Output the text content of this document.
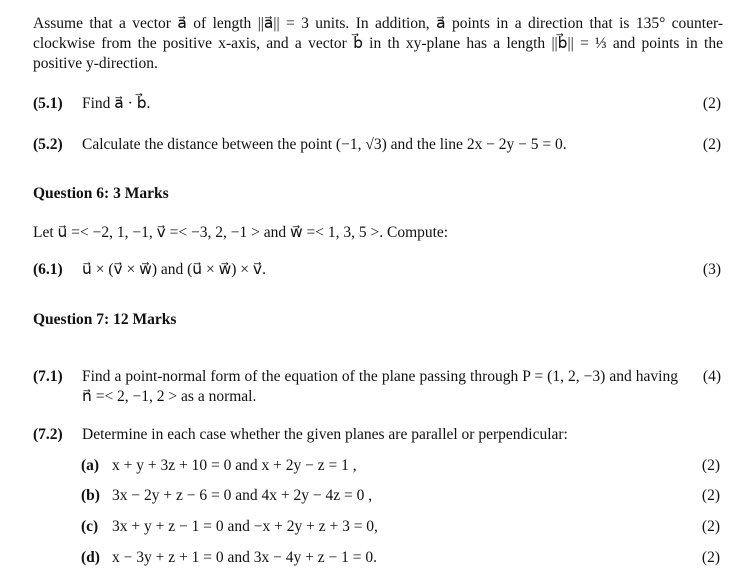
Assume that a vector a⃗ of length ||a⃗|| = 3 units. In addition, a⃗ points in a direction that is 135° counter-clockwise from the positive x-axis, and a vector b⃗ in th xy-plane has a length ||b⃗|| = ⅓ and points in the positive y-direction.
(5.1) Find a⃗ · b⃗.	(2)
(5.2) Calculate the distance between the point (−1, √3) and the line 2x − 2y − 5 = 0.	(2)
Question 6: 3 Marks
Let u⃗ =< −2, 1, −1, v⃗ =< −3, 2, −1 > and w⃗ =< 1, 3, 5 >. Compute:
(6.1) u⃗ × (v⃗ × w⃗) and (u⃗ × w⃗) × v⃗.	(3)
Question 7: 12 Marks
(7.1) Find a point-normal form of the equation of the plane passing through P = (1, 2, −3) and having n⃗ =< 2, −1, 2 > as a normal.
(4)
(7.2) Determine in each case whether the given planes are parallel or perpendicular:
(a) x + y + 3z + 10 = 0 and x + 2y − z = 1 ,	(2)
(b) 3x − 2y + z − 6 = 0 and 4x + 2y − 4z = 0 ,	(2)
(c) 3x + y + z − 1 = 0 and −x + 2y + z + 3 = 0,	(2)
(d) x − 3y + z + 1 = 0 and 3x − 4y + z − 1 = 0.	(2)
